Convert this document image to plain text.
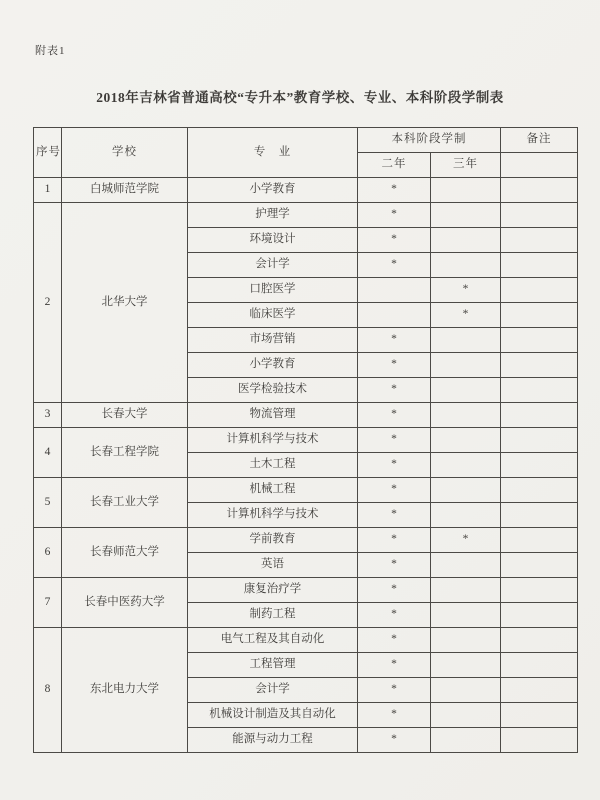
附表1
2018年吉林省普通高校“专升本”教育学校、专业、本科阶段学制表
序号	学校	专　业	本科阶段学制		备注
			二年	三年	
1	白城师范学院	小学教育	*		
2	北华大学	护理学	*		
		环境设计	*		
		会计学	*		
		口腔医学		*	
		临床医学		*	
		市场营销	*		
		小学教育	*		
		医学检验技术	*		
3	长春大学	物流管理	*		
4	长春工程学院	计算机科学与技术	*		
		土木工程	*		
5	长春工业大学	机械工程	*		
		计算机科学与技术	*		
6	长春师范大学	学前教育	*	*	
		英语	*		
7	长春中医药大学	康复治疗学	*		
		制药工程	*		
8	东北电力大学	电气工程及其自动化	*		
		工程管理	*		
		会计学	*		
		机械设计制造及其自动化	*		
		能源与动力工程	*		
